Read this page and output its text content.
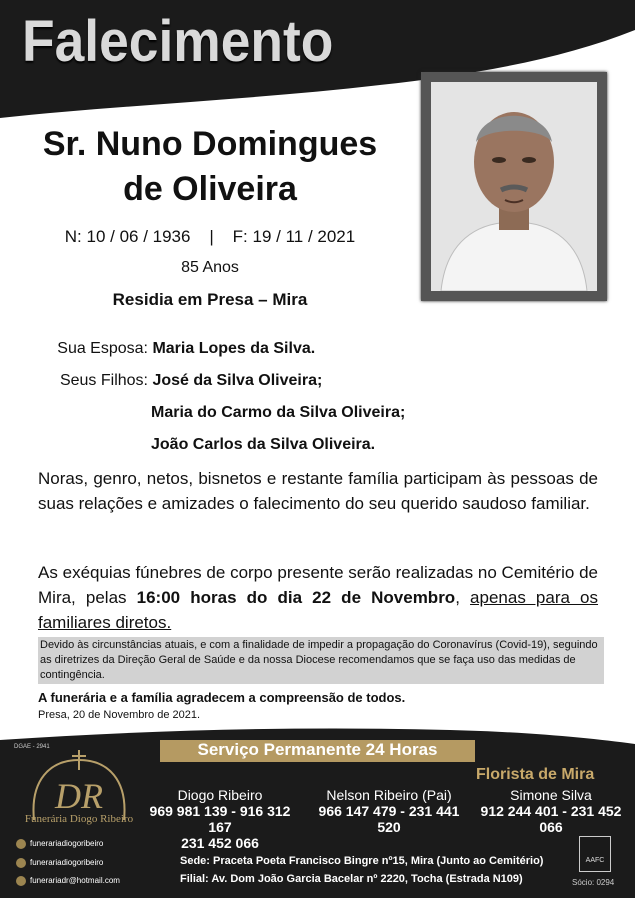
Falecimento
Sr. Nuno Domingues
de Oliveira
N: 10 / 06 / 1936    |    F: 19 / 11 / 2021
85 Anos
Residia em Presa – Mira
Sua Esposa: Maria Lopes da Silva.
Seus Filhos: José da Silva Oliveira;
Maria do Carmo da Silva Oliveira;
João Carlos da Silva Oliveira.
Noras, genro, netos, bisnetos e restante família participam às pessoas de suas relações e amizades o falecimento do seu querido saudoso familiar.
As exéquias fúnebres de corpo presente serão realizadas no Cemitério de Mira, pelas 16:00 horas do dia 22 de Novembro, apenas para os familiares diretos.
Devido às circunstâncias atuais, e com a finalidade de impedir a propagação do Coronavírus (Covid-19), seguindo as diretrizes da Direção Geral de Saúde e da nossa Diocese recomendamos que se faça uso das medidas de contingência.
A funerária e a família agradecem a compreensão de todos.
Presa, 20 de Novembro de 2021.
DGAE - 2941	Serviço Permanente 24 Horas
DR
Funerária Diogo Ribeiro
Florista de Mira
Diogo Ribeiro
969 981 139 - 916 312 167
231 452 066
Nelson Ribeiro (Pai)
966 147 479 - 231 441 520
Simone Silva
912 244 401 - 231 452 066
funerariadiogoribeiro
funerariadiogoribeiro
funerariadr@hotmail.com
Sede: Praceta Poeta Francisco Bingre nº15, Mira (Junto ao Cemitério)
Filial: Av. Dom João Garcia Bacelar nº 2220, Tocha (Estrada N109)
AAFC
Sócio: 0294
